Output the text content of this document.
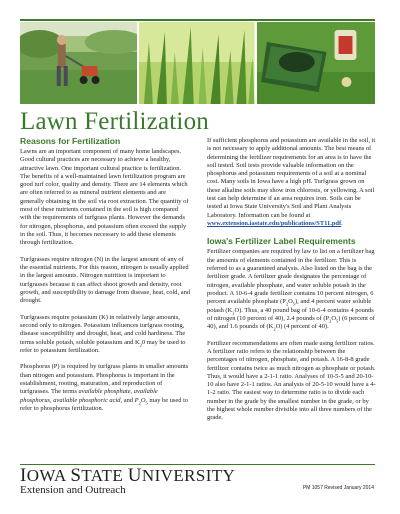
Lawn Fertilization
Reasons for Fertilization

Lawns are an important component of many home landscapes. Good cultural practices are necessary to achieve a healthy, attractive lawn. One important cultural practice is fertilization. The benefits of a well-maintained lawn fertilization program are good turf color, quality and density. There are 14 elements which are often referred to as mineral nutrient elements and are generally obtaining in the soil via root extraction. The quantity of most of these nutrients contained in the soil is high compared with the requirements of turfgrass plants. However the demands for nitrogen, phosphorus, and potassium often exceed the supply in the soil. Thus, it becomes necessary to add these elements through fertilization.

Turfgrasses require nitrogen (N) in the largest amount of any of the essential nutrients. For this reason, nitrogen is usually applied in the largest amounts. Nitrogen nutrition is important to turfgrasses because it can affect shoot growth and density, root growth, and susceptibility to damage from disease, heat, cold, and drought.

Turfgrasses require potassium (K) in relatively large amounts, second only to nitrogen. Potassium influences turfgrass rooting, disease susceptibility and drought, heat, and cold hardiness. The terms soluble potash, soluble potassium and $K_20$ may be used to refer to potassium fertilization.

Phosphorus (P) is required by turfgrass plants in smaller amounts than nitrogen and potassium. Phosphorus is important in the establishment, rooting, maturation, and reproduction of turfgrasses. The terms available phosphate, available phosphorus, available phosphoric acid, and $P_2O_5$ may be used to refer to phosphorus fertilization.

If sufficient phosphorus and potassium are available in the soil, it is not necessary to apply additional amounts. The best means of determining the fertilizer requirements for an area is to have the soil tested. Soil tests provide valuable information on the phosphorus and potassium requirements of a soil at a nominal cost. Many soils in Iowa have a high pH. Turfgrass grown on these alkaline soils may show iron chlorosis, or yellowing. A soil test can help determine if an area requires iron. Soils can be tested at Iowa State University's Soil and Plant Analysis Laboratory. Information can be found at www.extension.iastate.edu/publications/ST11.pdf.

Iowa's Fertilizer Label Requirements

Fertilizer companies are required by law to list on a fertilizer bag the amounts of elements contained in the fertilizer. This is referred to as a guaranteed analysis. Also listed on the bag is the fertilizer grade. A fertilizer grade designates the percentage of nitrogen, available phosphate, and water soluble potash in the product. A 10-6-4 grade fertilizer contains 10 percent nitrogen, 6 percent available phosphate $(P_2O_5)$, and 4 percent water soluble potash $(K_2O)$. Thus, a 40 pound bag of 10-6-4 contains 4 pounds of nitrogen (10 percent of 40), 2.4 pounds of $(P_2O_5)$ (6 percent of 40), and 1.6 pounds of $(K_2O)$ (4 percent of 40).

Fertilizer recommendations are often made using fertilizer ratios. A fertilizer ratio refers to the relationship between the percentages of nitrogen, phosphate, and potash. A 16-8-8 grade fertilizer contains twice as much nitrogen as phosphate or potash. Thus, it would have a 2-1-1 ratio. Analyses of 10-5-5 and 20-10-10 also have 2-1-1 ratios. An analysis of 20-5-10 would have a 4-1-2 ratio. The easiest way to determine ratio is to divide each number in the grade by the smallest number in the grade, or by the highest whole number divisible into all three numbers of the grade.

IOWA STATE UNIVERSITY
Extension and Outreach	PM 1057 Revised January 2014
